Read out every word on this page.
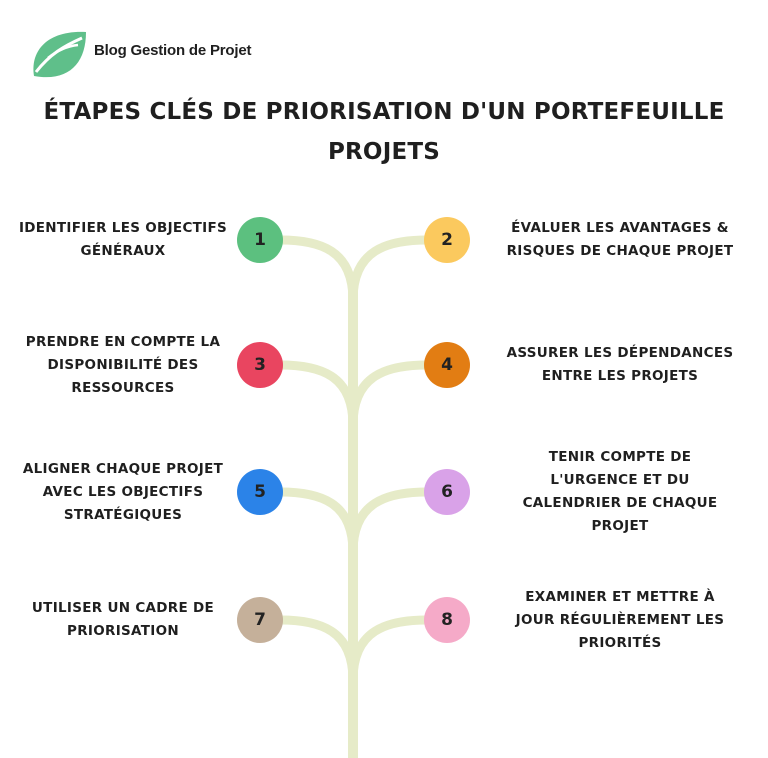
Blog Gestion de Projet
ÉTAPES CLÉS DE PRIORISATION D'UN PORTEFEUILLE PROJETS
1
IDENTIFIER LES OBJECTIFS GÉNÉRAUX
2
ÉVALUER LES AVANTAGES & RISQUES DE CHAQUE PROJET
3
PRENDRE EN COMPTE LA DISPONIBILITÉ DES RESSOURCES
4
ASSURER LES DÉPENDANCES ENTRE LES PROJETS
5
ALIGNER CHAQUE PROJET AVEC LES OBJECTIFS STRATÉGIQUES
6
TENIR COMPTE DE L'URGENCE ET DU CALENDRIER DE CHAQUE PROJET
7
UTILISER UN CADRE DE PRIORISATION
8
EXAMINER ET METTRE À JOUR RÉGULIÈREMENT LES PRIORITÉS
